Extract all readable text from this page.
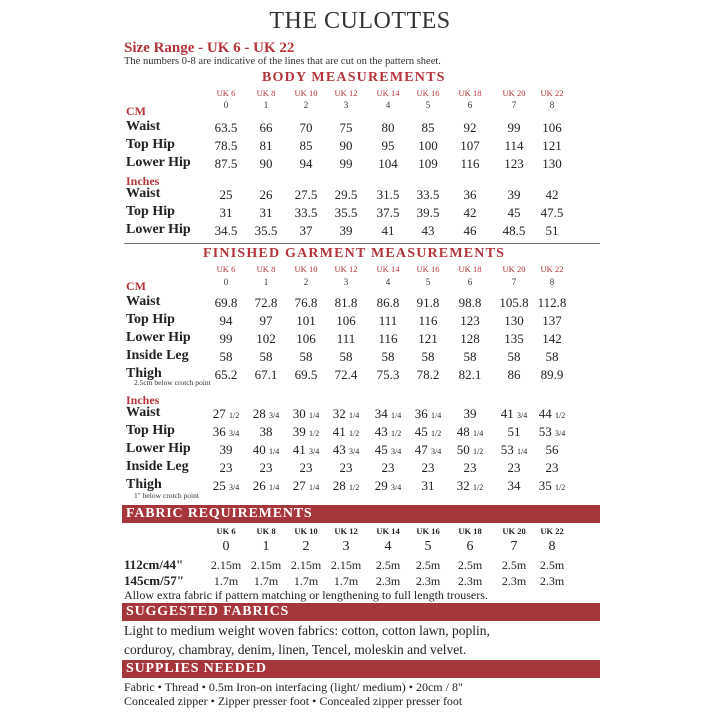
THE CULOTTES
Size Range - UK 6 - UK 22
The numbers 0-8 are indicative of the lines that are cut on the pattern sheet.
BODY MEASUREMENTS
CM
Inches
UK 6	UK 8	UK 10	UK 12	UK 14	UK 16	UK 18	UK 20	UK 22
0	1	2	3	4	5	6	7	8
Waist	63.5	66	70	75	80	85	92	99	106
Top Hip	78.5	81	85	90	95	100	107	114	121
Lower Hip	87.5	90	94	99	104	109	116	123	130
Waist	25	26	27.5	29.5	31.5	33.5	36	39	42
Top Hip	31	31	33.5	35.5	37.5	39.5	42	45	47.5
Lower Hip	34.5	35.5	37	39	41	43	46	48.5	51
FINISHED GARMENT MEASUREMENTS
CM
Inches
2.5cm below crotch point
1" below crotch point
UK 6	UK 8	UK 10	UK 12	UK 14	UK 16	UK 18	UK 20	UK 22
0	1	2	3	4	5	6	7	8
Waist	69.8	72.8	76.8	81.8	86.8	91.8	98.8	105.8 112.8
Top Hip	94	97	101	106	111	116	123	130	137
Lower Hip	99	102	106	111	116	121	128	135	142
Inside Leg	58	58	58	58	58	58	58	58	58
Thigh	65.2	67.1	69.5	72.4	75.3	78.2	82.1	86	89.9
Waist	27 1/2	28 3/4	30 1/4	32 1/4	34 1/4	36 1/4	39	41 3/4 44 1/2
Top Hip	36 3/4	38	39 1/2	41 1/2	43 1/2	45 1/2	48 1/4	51	53 3/4
Lower Hip	39	40 1/4	41 3/4	43 3/4	45 3/4	47 3/4	50 1/2	53 1/4	56
Inside Leg	23	23	23	23	23	23	23	23	23
Thigh	25 3/4	26 1/4	27 1/4	28 1/2	29 3/4	31	32 1/2	34	35 1/2
FABRIC REQUIREMENTS
UK 6	UK 8	UK 10	UK 12	UK 14	UK 16	UK 18	UK 20	UK 22
0	1	2	3	4	5	6	7	8
112cm/44"	2.15m 2.15m 2.15m 2.15m	2.5m	2.5m	2.5m	2.5m	2.5m
145cm/57"	1.7m	1.7m	1.7m	1.7m	2.3m	2.3m	2.3m	2.3m	2.3m
Allow extra fabric if pattern matching or lengthening to full length trousers.
SUGGESTED FABRICS
Light to medium weight woven fabrics: cotton, cotton lawn, poplin,
corduroy, chambray, denim, linen, Tencel, moleskin and velvet.
SUPPLIES NEEDED
Fabric • Thread • 0.5m Iron-on interfacing (light/ medium) • 20cm / 8"
Concealed zipper • Zipper presser foot • Concealed zipper presser foot
